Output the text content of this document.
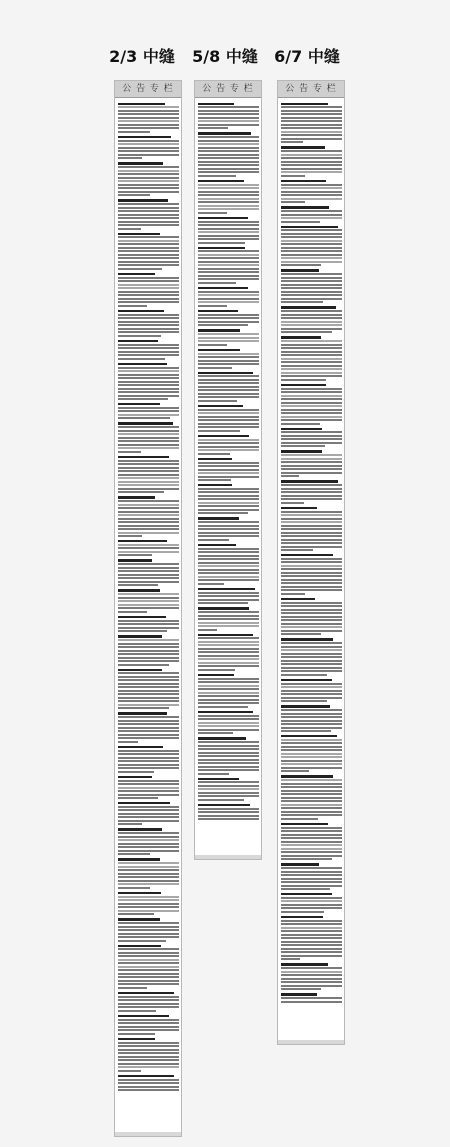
2/3 中缝	5/8 中缝	6/7 中缝
公 告 专 栏	公 告 专 栏	公 告 专 栏
